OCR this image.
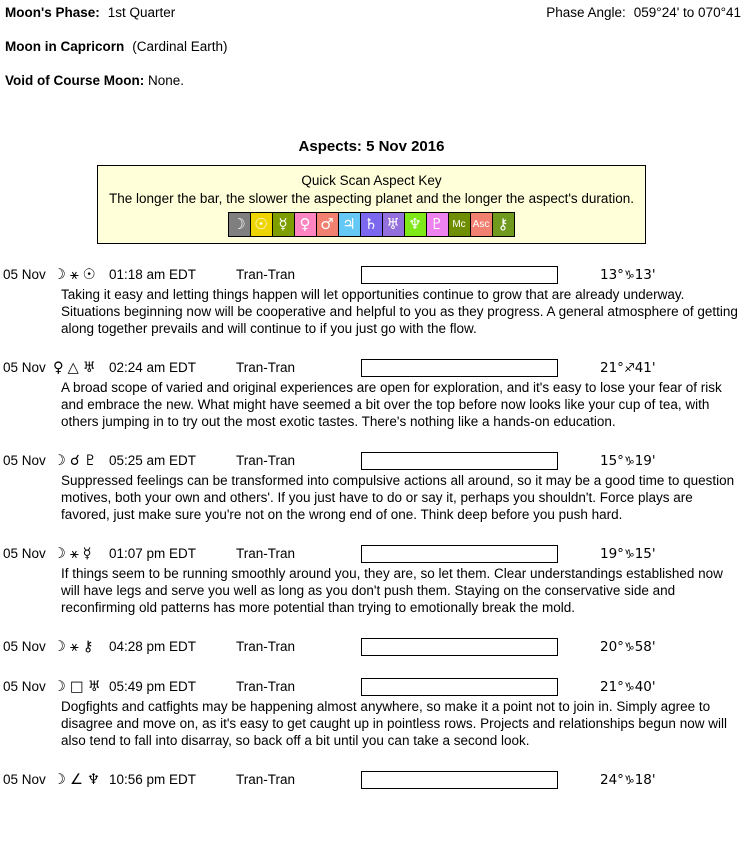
Moon's Phase: 1st Quarter	Phase Angle: 059°24' to 070°41
Moon in Capricorn (Cardinal Earth)
Void of Course Moon: None.
Aspects: 5 Nov 2016
Quick Scan Aspect Key
The longer the bar, the slower the aspecting planet and the longer the aspect's duration.
☽ ☉ ☿ ♀ ♂ ♃ ♄ ♅ ♆ ♇ Mc Asc ⚷
05 Nov ☽ ⚹ ☉ 01:18 am EDT	Tran-Tran	13°♑13'
Taking it easy and letting things happen will let opportunities continue to grow that are already underway. Situations beginning now will be cooperative and helpful to you as they progress. A general atmosphere of getting along together prevails and will continue to if you just go with the flow.
05 Nov ♀ △ ♅ 02:24 am EDT	Tran-Tran	21°♐41'
A broad scope of varied and original experiences are open for exploration, and it's easy to lose your fear of risk and embrace the new. What might have seemed a bit over the top before now looks like your cup of tea, with others jumping in to try out the most exotic tastes. There's nothing like a hands-on education.
05 Nov ☽ ☌ ♇ 05:25 am EDT	Tran-Tran	15°♑19'
Suppressed feelings can be transformed into compulsive actions all around, so it may be a good time to question motives, both your own and others'. If you just have to do or say it, perhaps you shouldn't. Force plays are favored, just make sure you're not on the wrong end of one. Think deep before you push hard.
05 Nov ☽ ⚹ ☿ 01:07 pm EDT	Tran-Tran	19°♑15'
If things seem to be running smoothly around you, they are, so let them. Clear understandings established now will have legs and serve you well as long as you don't push them. Staying on the conservative side and reconfirming old patterns has more potential than trying to emotionally break the mold.
05 Nov ☽ ⚹ ⚷ 04:28 pm EDT	Tran-Tran	20°♑58'
05 Nov ☽ □ ♅ 05:49 pm EDT	Tran-Tran	21°♑40'
Dogfights and catfights may be happening almost anywhere, so make it a point not to join in. Simply agree to disagree and move on, as it's easy to get caught up in pointless rows. Projects and relationships begun now will also tend to fall into disarray, so back off a bit until you can take a second look.
05 Nov ☽ ∠ ♆ 10:56 pm EDT	Tran-Tran	24°♑18'
